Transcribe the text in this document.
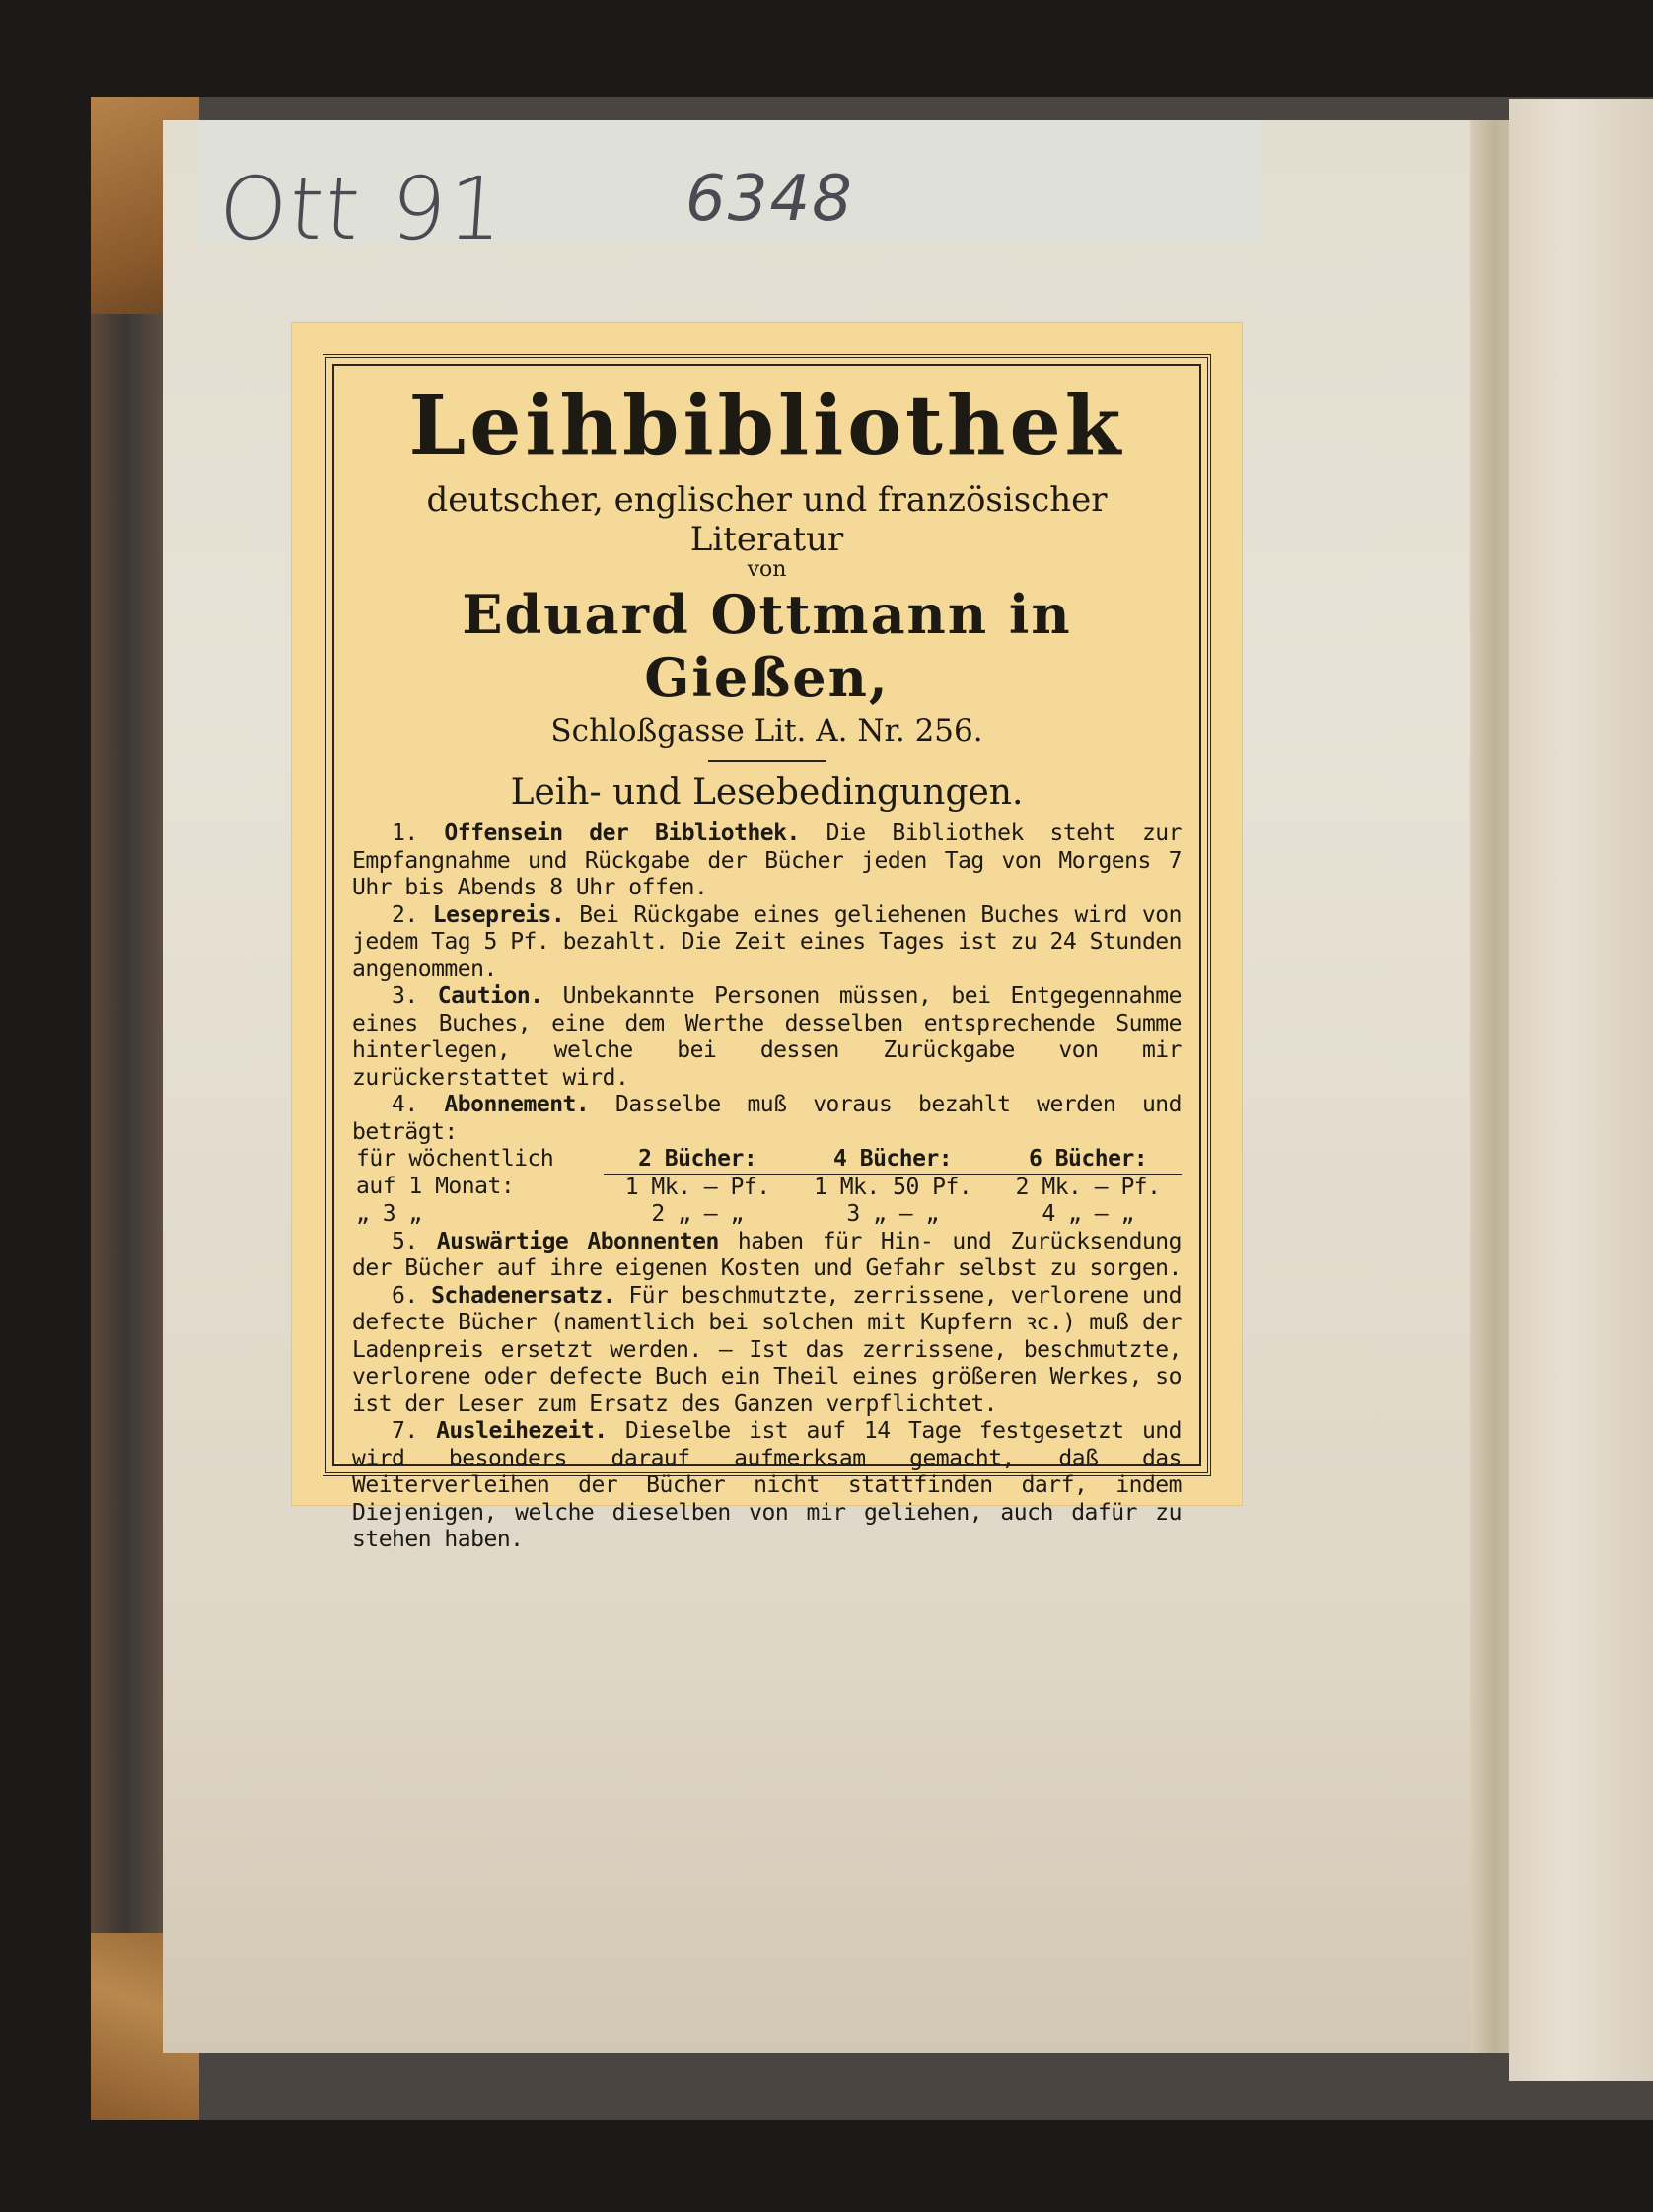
Ott 91	6348

Leihbibliothek

deutscher, englischer und französischer Literatur

von

Eduard Ottmann in Gießen,

Schloßgasse Lit. A. Nr. 256.

Leih- und Lesebedingungen.

1. Offensein der Bibliothek. Die Bibliothek steht zur Empfangnahme und Rückgabe der Bücher jeden Tag von Morgens 7 Uhr bis Abends 8 Uhr offen.

2. Lesepreis. Bei Rückgabe eines geliehenen Buches wird von jedem Tag 5 Pf. bezahlt. Die Zeit eines Tages ist zu 24 Stunden angenommen.

3. Caution. Unbekannte Personen müssen, bei Entgegennahme eines Buches, eine dem Werthe desselben entsprechende Summe hinterlegen, welche bei dessen Zurückgabe von mir zurückerstattet wird.

4. Abonnement. Dasselbe muß voraus bezahlt werden und beträgt:

für wöchentlich	2 Bücher:	4 Bücher:	6 Bücher:
auf 1 Monat:	1 Mk. — Pf.	1 Mk. 50 Pf.	2 Mk. — Pf.
„ 3 „	2 „ — „	3 „ — „	4 „ — „

5. Auswärtige Abonnenten haben für Hin- und Zurücksendung der Bücher auf ihre eigenen Kosten und Gefahr selbst zu sorgen.

6. Schadenersatz. Für beschmutzte, zerrissene, verlorene und defecte Bücher (namentlich bei solchen mit Kupfern ꝛc.) muß der Ladenpreis ersetzt werden. — Ist das zerrissene, beschmutzte, verlorene oder defecte Buch ein Theil eines größeren Werkes, so ist der Leser zum Ersatz des Ganzen verpflichtet.

7. Ausleihezeit. Dieselbe ist auf 14 Tage festgesetzt und wird besonders darauf aufmerksam gemacht, daß das Weiterverleihen der Bücher nicht stattfinden darf, indem Diejenigen, welche dieselben von mir geliehen, auch dafür zu stehen haben.
